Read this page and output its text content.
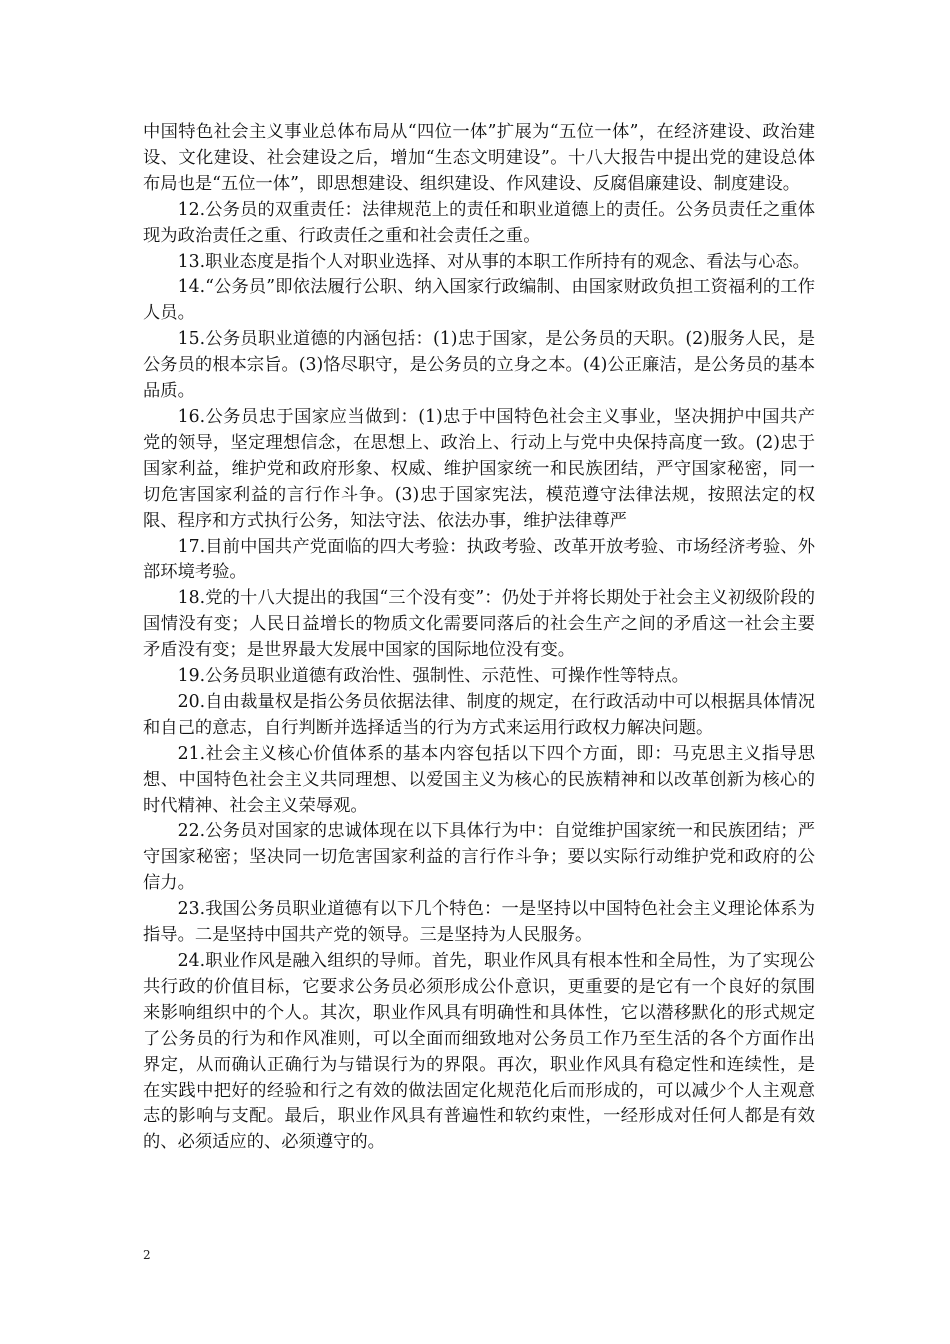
中国特色社会主义事业总体布局从“四位一体”扩展为“五位一体”，在经济建设、政治建设、文化建设、社会建设之后，增加“生态文明建设”。十八大报告中提出党的建设总体布局也是“五位一体”，即思想建设、组织建设、作风建设、反腐倡廉建设、制度建设。

12.公务员的双重责任：法律规范上的责任和职业道德上的责任。公务员责任之重体现为政治责任之重、行政责任之重和社会责任之重。

13.职业态度是指个人对职业选择、对从事的本职工作所持有的观念、看法与心态。

14.“公务员”即依法履行公职、纳入国家行政编制、由国家财政负担工资福利的工作人员。

15.公务员职业道德的内涵包括：(1)忠于国家，是公务员的天职。(2)服务人民，是公务员的根本宗旨。(3)恪尽职守，是公务员的立身之本。(4)公正廉洁，是公务员的基本品质。

16.公务员忠于国家应当做到：(1)忠于中国特色社会主义事业，坚决拥护中国共产党的领导，坚定理想信念，在思想上、政治上、行动上与党中央保持高度一致。(2)忠于国家利益，维护党和政府形象、权威、维护国家统一和民族团结，严守国家秘密，同一切危害国家利益的言行作斗争。(3)忠于国家宪法，模范遵守法律法规，按照法定的权限、程序和方式执行公务，知法守法、依法办事，维护法律尊严

17.目前中国共产党面临的四大考验：执政考验、改革开放考验、市场经济考验、外部环境考验。

18.党的十八大提出的我国“三个没有变”：仍处于并将长期处于社会主义初级阶段的国情没有变；人民日益增长的物质文化需要同落后的社会生产之间的矛盾这一社会主要矛盾没有变；是世界最大发展中国家的国际地位没有变。

19.公务员职业道德有政治性、强制性、示范性、可操作性等特点。

20.自由裁量权是指公务员依据法律、制度的规定，在行政活动中可以根据具体情况和自己的意志，自行判断并选择适当的行为方式来运用行政权力解决问题。

21.社会主义核心价值体系的基本内容包括以下四个方面，即：马克思主义指导思想、中国特色社会主义共同理想、以爱国主义为核心的民族精神和以改革创新为核心的时代精神、社会主义荣辱观。

22.公务员对国家的忠诚体现在以下具体行为中：自觉维护国家统一和民族团结；严守国家秘密；坚决同一切危害国家利益的言行作斗争；要以实际行动维护党和政府的公信力。

23.我国公务员职业道德有以下几个特色：一是坚持以中国特色社会主义理论体系为指导。二是坚持中国共产党的领导。三是坚持为人民服务。

24.职业作风是融入组织的导师。首先，职业作风具有根本性和全局性，为了实现公共行政的价值目标，它要求公务员必须形成公仆意识，更重要的是它有一个良好的氛围来影响组织中的个人。其次，职业作风具有明确性和具体性，它以潜移默化的形式规定了公务员的行为和作风准则，可以全面而细致地对公务员工作乃至生活的各个方面作出界定，从而确认正确行为与错误行为的界限。再次，职业作风具有稳定性和连续性，是在实践中把好的经验和行之有效的做法固定化规范化后而形成的，可以减少个人主观意志的影响与支配。最后，职业作风具有普遍性和软约束性，一经形成对任何人都是有效的、必须适应的、必须遵守的。

2
